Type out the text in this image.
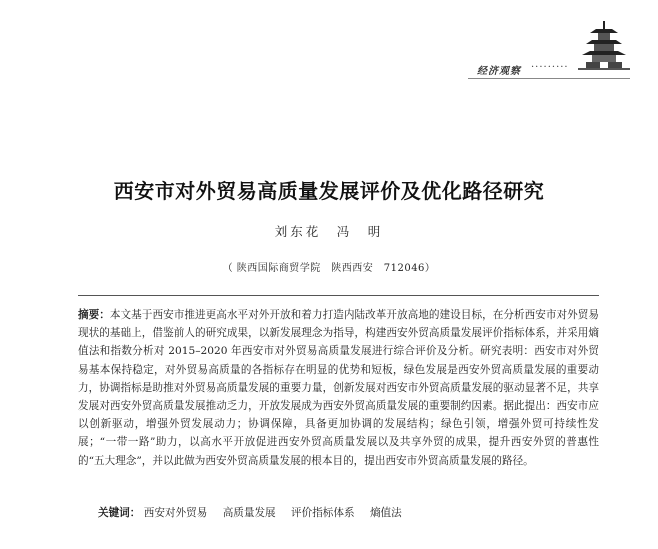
经济观察 ·········
西安市对外贸易高质量发展评价及优化路径研究
刘东花　冯　明
（ 陕西国际商贸学院　陕西西安　712046）
摘要：本文基于西安市推进更高水平对外开放和着力打造内陆改革开放高地的建设目标，在分析西安市对外贸易现状的基础上，借鉴前人的研究成果，以新发展理念为指导，构建西安外贸高质量发展评价指标体系，并采用熵值法和指数分析对 2015–2020 年西安市对外贸易高质量发展进行综合评价及分析。研究表明：西安市对外贸易基本保持稳定，对外贸易高质量的各指标存在明显的优势和短板，绿色发展是西安外贸高质量发展的重要动力，协调指标是助推对外贸易高质量发展的重要力量，创新发展对西安市外贸高质量发展的驱动显著不足，共享发展对西安外贸高质量发展推动乏力，开放发展成为西安外贸高质量发展的重要制约因素。据此提出：西安市应以创新驱动，增强外贸发展动力；协调保障，具备更加协调的发展结构；绿色引领，增强外贸可持续性发展；“一带一路”助力，以高水平开放促进西安外贸高质量发展以及共享外贸的成果，提升西安外贸的普惠性的“五大理念”，并以此做为西安外贸高质量发展的根本目的，提出西安市外贸高质量发展的路径。
关键词： 西安对外贸易 高质量发展 评价指标体系 熵值法
